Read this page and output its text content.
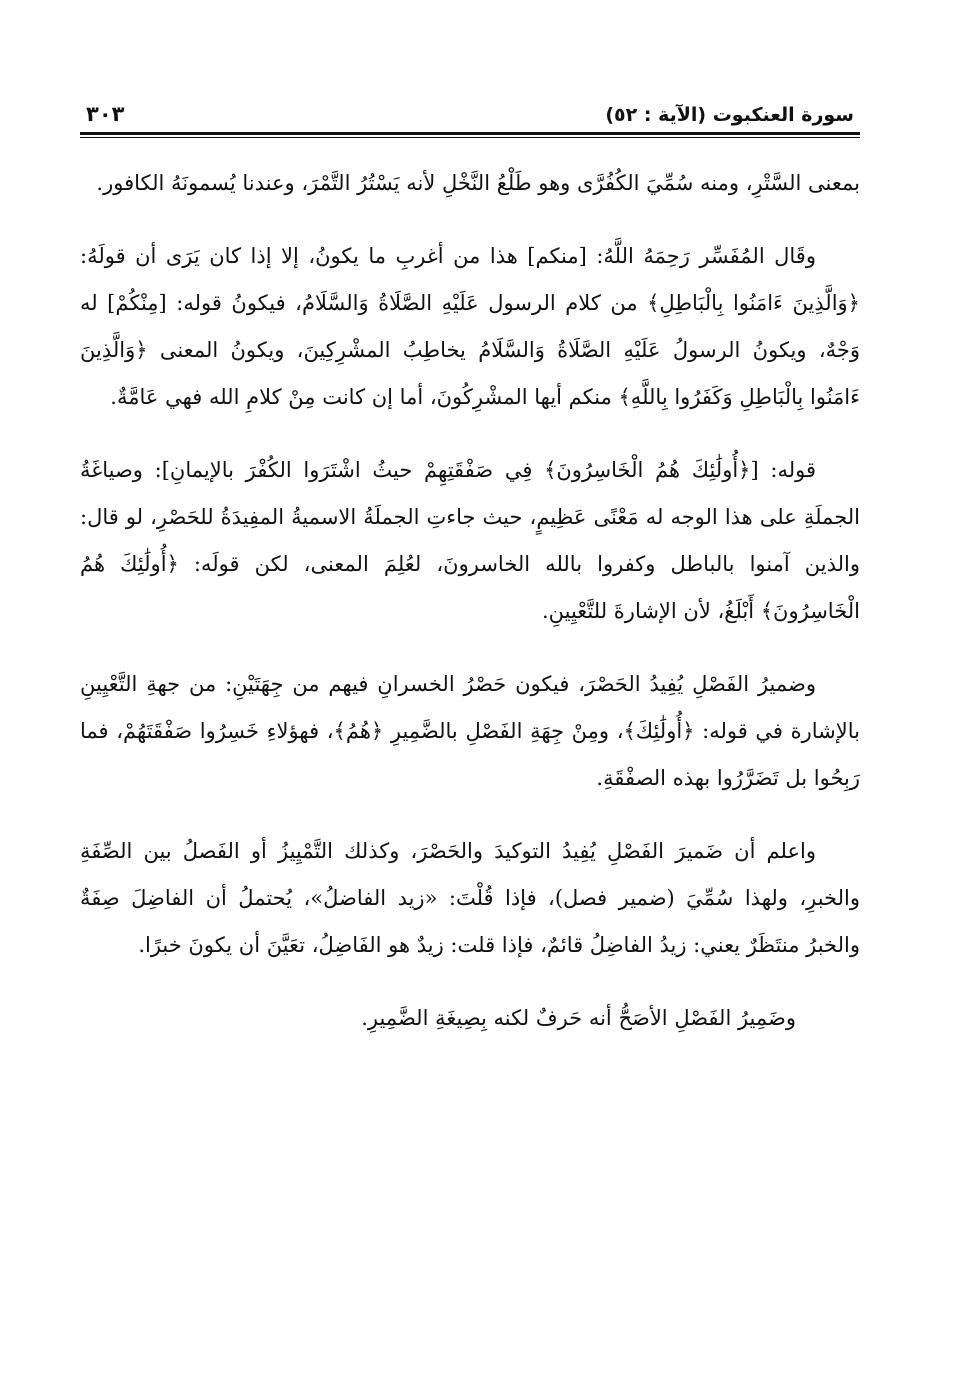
سورة العنكبوت (الآية : ٥٢)
٣٠٣

بمعنى السَّتْرِ، ومنه سُمِّيَ الكُفُرَّى وهو طَلْعُ النَّخْلِ لأنه يَسْتُرُ التَّمْرَ، وعندنا يُسمونَهُ الكافور.

وقَال المُفَسِّر رَحِمَهُ اللَّهُ: [منكم] هذا من أغربِ ما يكونُ، إلا إذا كان يَرَى أن قولَهُ: ﴿وَالَّذِينَ ءَامَنُوا بِالْبَاطِلِ﴾ من كلام الرسول عَلَيْهِ الصَّلَاةُ وَالسَّلَامُ، فيكونُ قوله: [مِنْكُمْ] له وَجْهٌ، ويكونُ الرسولُ عَلَيْهِ الصَّلَاةُ وَالسَّلَامُ يخاطِبُ المشْرِكِينَ، ويكونُ المعنى ﴿وَالَّذِينَ ءَامَنُوا بِالْبَاطِلِ وَكَفَرُوا بِاللَّهِ﴾ منكم أيها المشْرِكُونَ، أما إن كانت مِنْ كلامِ الله فهي عَامَّةٌ.

قوله: [﴿أُولَٰئِكَ هُمُ الْخَاسِرُونَ﴾ فِي صَفْقَتِهِمْ حيثُ اشْتَرَوا الكُفْرَ بالإيمانِ]: وصياغَةُ الجملَةِ على هذا الوجه له مَعْنًى عَظِيمٍ، حيث جاءتِ الجملَةُ الاسميةُ المفِيدَةُ للحَصْرِ، لو قال: والذين آمنوا بالباطل وكفروا بالله الخاسرونَ، لعُلِمَ المعنى، لكن قولَه: ﴿أُولَٰئِكَ هُمُ الْخَاسِرُونَ﴾ أَبْلَغُ، لأن الإشارةَ للتَّعْيِينِ.

وضميرُ الفَصْلِ يُفِيدُ الحَصْرَ، فيكون حَصْرُ الخسرانِ فيهم من جِهَتَيْنِ: من جهةِ التَّعْيِينِ بالإشارة في قوله: ﴿أُولَٰئِكَ﴾، ومِنْ جِهَةِ الفَصْلِ بالضَّمِيرِ ﴿هُمُ﴾، فهؤلاءِ خَسِرُوا صَفْقَتَهُمْ، فما رَبِحُوا بل تَضَرَّرُوا بهذه الصفْقَةِ.

واعلم أن ضَميرَ الفَصْلِ يُفِيدُ التوكيدَ والحَصْرَ، وكذلك التَّمْيِيزُ أو الفَصلُ بين الصِّفَةِ والخبرِ، ولهذا سُمِّيَ (ضمير فصل)، فإذا قُلْتَ: «زيد الفاضلُ»، يُحتملُ أن الفاضِلَ صِفَةٌ والخبرُ منتَظَرٌ يعني: زيدُ الفاضِلُ قائمٌ، فإذا قلت: زيدٌ هو الفَاضِلُ، تعَيَّنَ أن يكونَ خبرًا.

وضَمِيرُ الفَصْلِ الأصَحُّ أنه حَرفٌ لكنه بِصِيغَةِ الضَّمِيرِ.
